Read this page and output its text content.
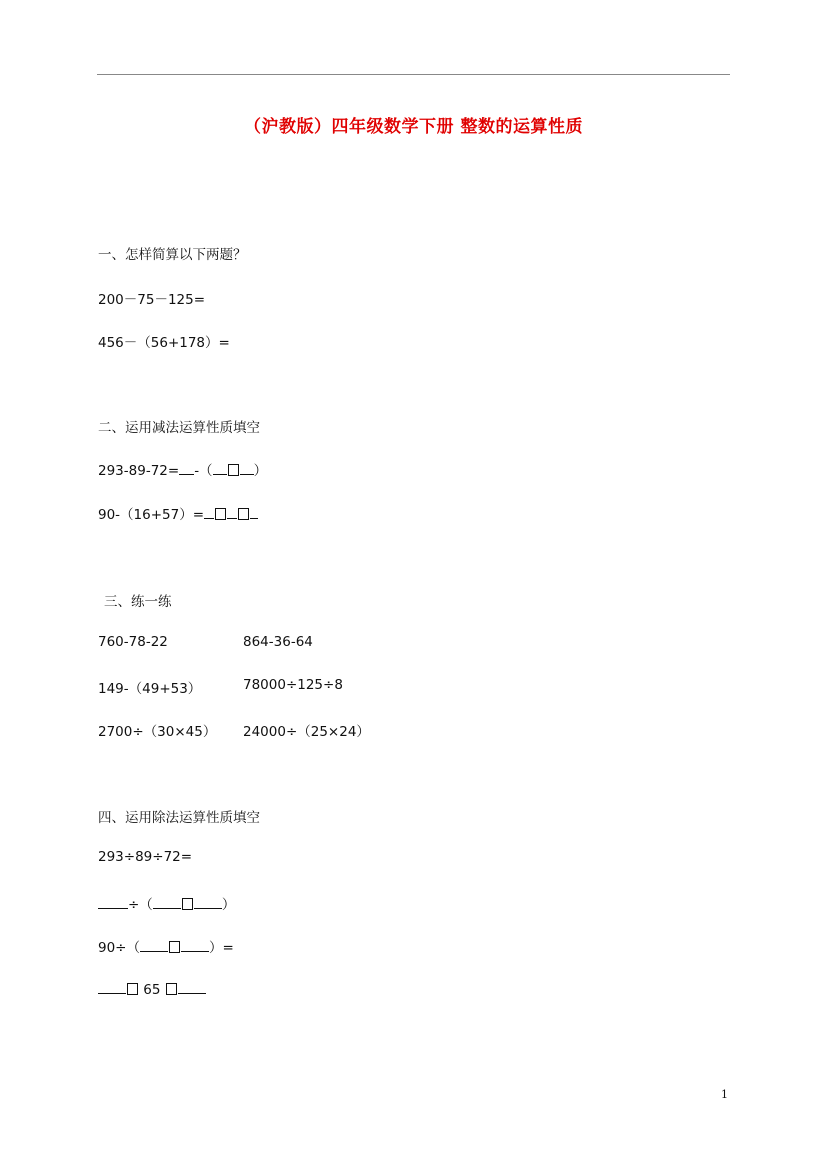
（沪教版）四年级数学下册 整数的运算性质
一、怎样简算以下两题？
200－75－125=
456－（56+178）=
二、运用减法运算性质填空
293-89-72= -（	）
90-（16+57）=
三、练一练
760-78-22	864-36-64
149-（49+53）	78000÷125÷8
2700÷（30×45） 24000÷（25×24）
四、运用除法运算性质填空
293÷89÷72=
÷（	）
90÷（	）=
65
1
